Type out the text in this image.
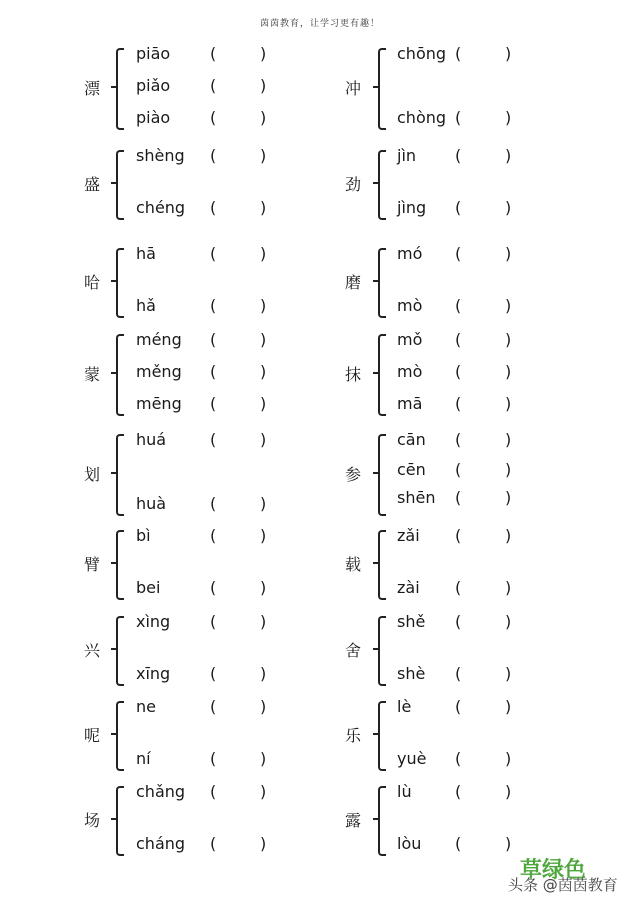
茵茵教育，让学习更有趣！
漂
piāo (	)
piǎo (	)
piào (	)
盛
shèng (	)
chéng (	)
哈
hā	(	)
hǎ	(	)
蒙
méng (	)
měng (	)
mēng (	)
划
huá	(	)
huà	(	)
臂
bì	(	)
bei	(	)
兴
xìng (	)
xīng (	)
呢
ne	(	)
ní	(	)
场
chǎng (	)
cháng (	)
冲
chōng (	)
chòng (	)
劲
jìn (	)
jìng (	)
磨
mó (	)
mò (	)
抹
mǒ (	)
mò (	)
mā (	)
参
cān (	)
cēn (	)
shēn (	)
载
zǎi (	)
zài (	)
舍
shě (	)
shè (	)
乐
lè	(	)
yuè (	)
露
lù	(	)
lòu (	)
草绿色
头条 @茵茵教育
